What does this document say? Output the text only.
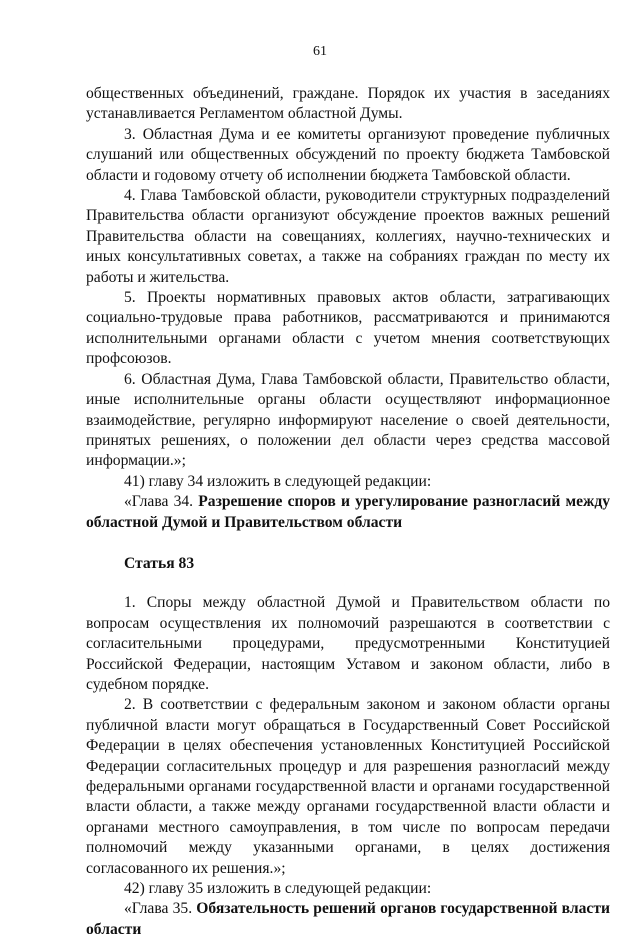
61

общественных объединений, граждане. Порядок их участия в заседаниях устанавливается Регламентом областной Думы.

3. Областная Дума и ее комитеты организуют проведение публичных слушаний или общественных обсуждений по проекту бюджета Тамбовской области и годовому отчету об исполнении бюджета Тамбовской области.

4. Глава Тамбовской области, руководители структурных подразделений Правительства области организуют обсуждение проектов важных решений Правительства области на совещаниях, коллегиях, научно-технических и иных консультативных советах, а также на собраниях граждан по месту их работы и жительства.

5. Проекты нормативных правовых актов области, затрагивающих социально-трудовые права работников, рассматриваются и принимаются исполнительными органами области с учетом мнения соответствующих профсоюзов.

6. Областная Дума, Глава Тамбовской области, Правительство области, иные исполнительные органы области осуществляют информационное взаимодействие, регулярно информируют население о своей деятельности, принятых решениях, о положении дел области через средства массовой информации.»;

41) главу 34 изложить в следующей редакции:

«Глава 34. Разрешение споров и урегулирование разногласий между областной Думой и Правительством области

Статья 83

1. Споры между областной Думой и Правительством области по вопросам осуществления их полномочий разрешаются в соответствии с согласительными процедурами, предусмотренными Конституцией Российской Федерации, настоящим Уставом и законом области, либо в судебном порядке.

2. В соответствии с федеральным законом и законом области органы публичной власти могут обращаться в Государственный Совет Российской Федерации в целях обеспечения установленных Конституцией Российской Федерации согласительных процедур и для разрешения разногласий между федеральными органами государственной власти и органами государственной власти области, а также между органами государственной власти области и органами местного самоуправления, в том числе по вопросам передачи полномочий между указанными органами, в целях достижения согласованного их решения.»;

42) главу 35 изложить в следующей редакции:

«Глава 35. Обязательность решений органов государственной власти области
